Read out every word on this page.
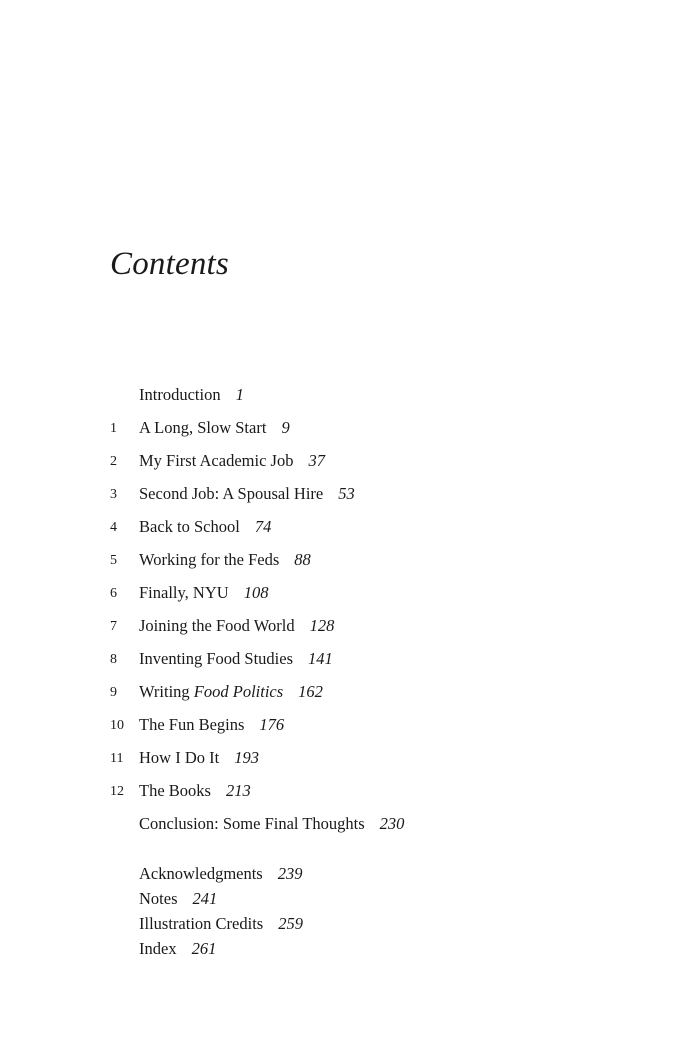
Contents
Introduction 1
1 A Long, Slow Start 9
2 My First Academic Job 37
3 Second Job: A Spousal Hire 53
4 Back to School 74
5 Working for the Feds 88
6 Finally, NYU 108
7 Joining the Food World 128
8 Inventing Food Studies 141
9 Writing Food Politics 162
10 The Fun Begins 176
11 How I Do It 193
12 The Books 213
Conclusion: Some Final Thoughts 230
Acknowledgments 239
Notes 241
Illustration Credits 259
Index 261
